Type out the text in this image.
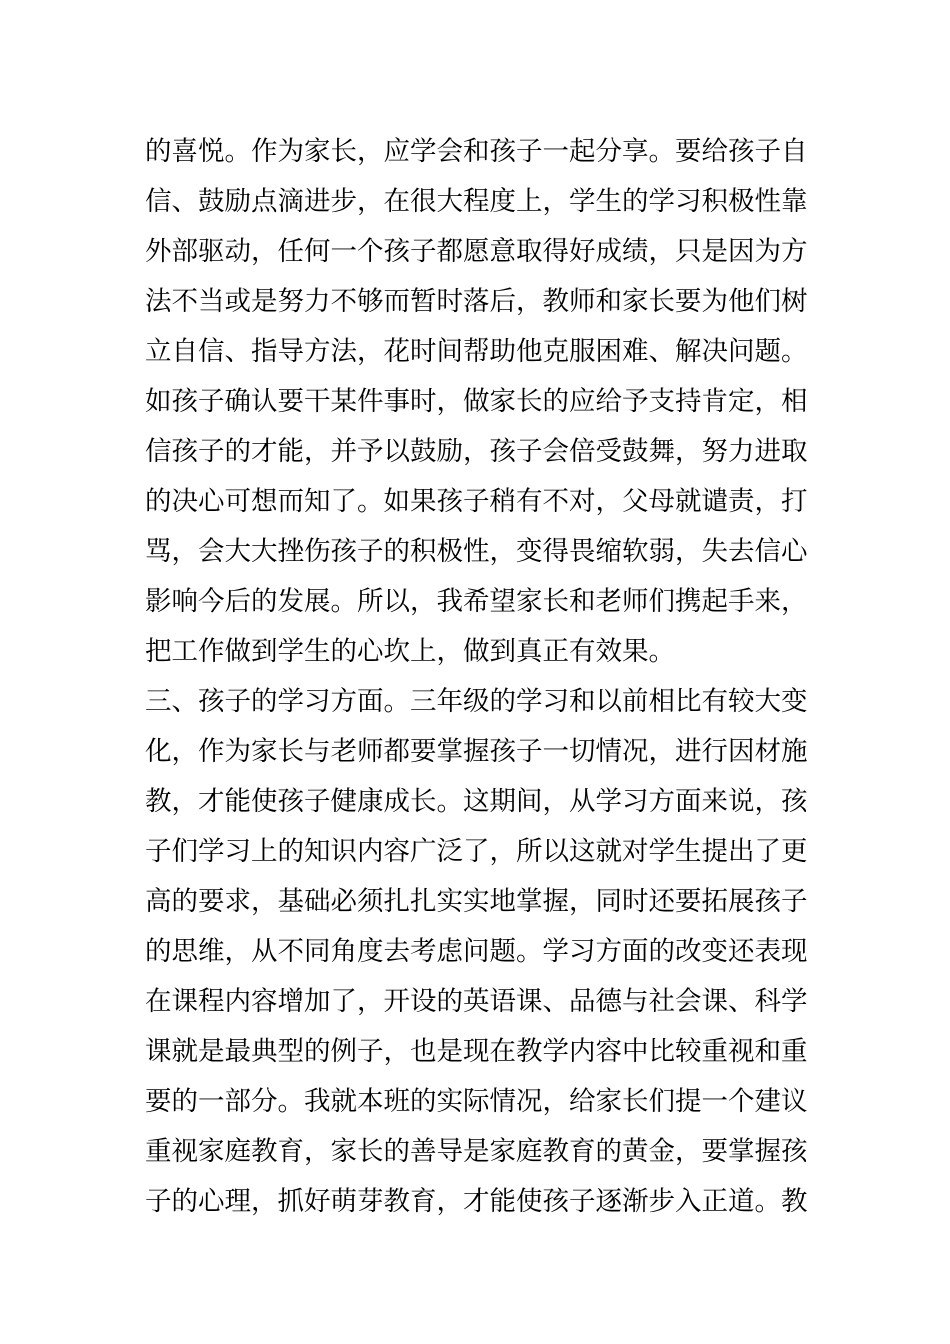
的喜悦。作为家长，应学会和孩子一起分享。要给孩子自
信、鼓励点滴进步，在很大程度上，学生的学习积极性靠
外部驱动，任何一个孩子都愿意取得好成绩，只是因为方
法不当或是努力不够而暂时落后，教师和家长要为他们树
立自信、指导方法，花时间帮助他克服困难、解决问题。
如孩子确认要干某件事时，做家长的应给予支持肯定，相
信孩子的才能，并予以鼓励，孩子会倍受鼓舞，努力进取
的决心可想而知了。如果孩子稍有不对，父母就谴责，打
骂，会大大挫伤孩子的积极性，变得畏缩软弱，失去信心
影响今后的发展。所以，我希望家长和老师们携起手来，
把工作做到学生的心坎上，做到真正有效果。
三、孩子的学习方面。三年级的学习和以前相比有较大变
化，作为家长与老师都要掌握孩子一切情况，进行因材施
教，才能使孩子健康成长。这期间，从学习方面来说，孩
子们学习上的知识内容广泛了，所以这就对学生提出了更
高的要求，基础必须扎扎实实地掌握，同时还要拓展孩子
的思维，从不同角度去考虑问题。学习方面的改变还表现
在课程内容增加了，开设的英语课、品德与社会课、科学
课就是最典型的例子，也是现在教学内容中比较重视和重
要的一部分。我就本班的实际情况，给家长们提一个建议
重视家庭教育，家长的善导是家庭教育的黄金，要掌握孩
子的心理，抓好萌芽教育，才能使孩子逐渐步入正道。教
